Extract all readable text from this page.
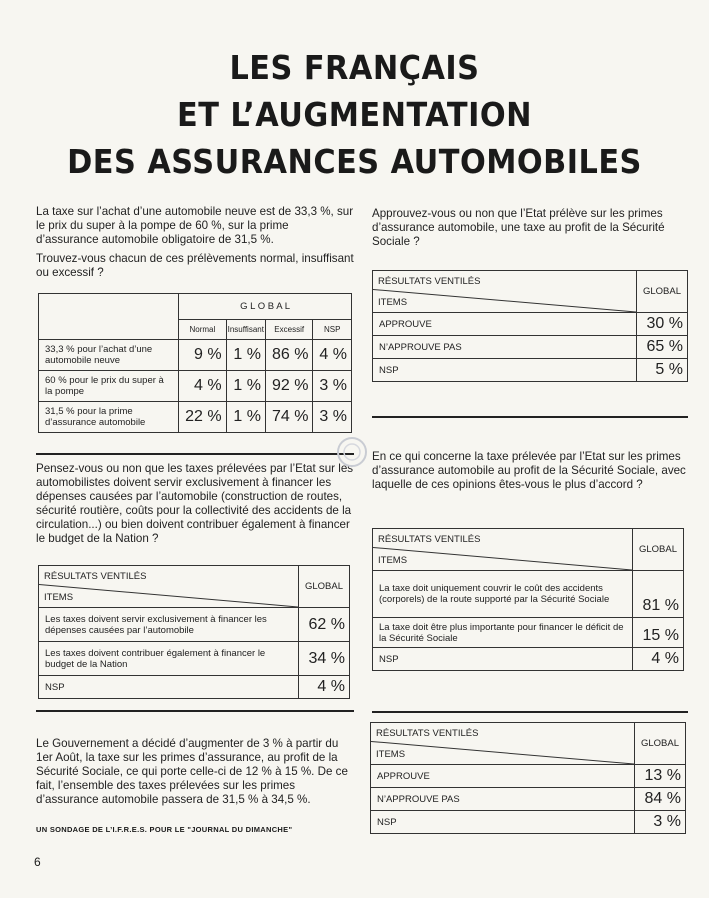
LES FRANÇAIS
ET L’AUGMENTATION
DES ASSURANCES AUTOMOBILES

La taxe sur l’achat d’une automobile neuve est de 33,3 %, sur le prix du super à la pompe de 60 %, sur la prime d’assurance automobile obligatoire de 31,5 %.

Trouvez-vous chacun de ces prélèvements normal, insuffisant ou excessif ?

	G L O B A L			
	Normal	Insuffisant	Excessif	NSP
33,3 % pour l’achat d’une automobile neuve	9 %	1 %	86 %	4 %
60 % pour le prix du super à la pompe	4 %	1 %	92 %	3 %
31,5 % pour la prime d’assurance automobile	22 %	1 %	74 %	3 %
Pensez-vous ou non que les taxes prélevées par l’Etat sur les automobilistes doivent servir exclusivement à financer les dépenses causées par l’automobile (construction de routes, sécurité routière, coûts pour la collectivité des accidents de la circulation...) ou bien doivent contribuer également à financer le budget de la Nation ?
RÉSULTATS VENTILÉS
ITEMS	GLOBAL
Les taxes doivent servir exclusivement à financer les dépenses causées par l’automobile	62 %
Les taxes doivent contribuer également à financer le budget de la Nation	34 %
NSP	4 %
Le Gouvernement a décidé d’augmenter de 3 % à partir du 1er Août, la taxe sur les primes d’assurance, au profit de la Sécurité Sociale, ce qui porte celle-ci de 12 % à 15 %. De ce fait, l’ensemble des taxes prélevées sur les primes d’assurance automobile passera de 31,5 % à 34,5 %.
UN SONDAGE DE L’I.F.R.E.S. POUR LE "JOURNAL DU DIMANCHE"
6
Approuvez-vous ou non que l’Etat prélève sur les primes d’assurance automobile, une taxe au profit de la Sécurité Sociale ?
RÉSULTATS VENTILÉS
ITEMS	GLOBAL
APPROUVE	30 %
N’APPROUVE PAS	65 %
NSP	5 %
En ce qui concerne la taxe prélevée par l’Etat sur les primes d’assurance automobile au profit de la Sécurité Sociale, avec laquelle de ces opinions êtes-vous le plus d’accord ?
RÉSULTATS VENTILÉS
ITEMS	GLOBAL
La taxe doit uniquement couvrir le coût des accidents (corporels) de la route supporté par la Sécurité Sociale	81 %
La taxe doit être plus importante pour financer le déficit de la Sécurité Sociale	15 %
NSP	4 %
RÉSULTATS VENTILÉS
ITEMS	GLOBAL
APPROUVE	13 %
N’APPROUVE PAS	84 %
NSP	3 %
